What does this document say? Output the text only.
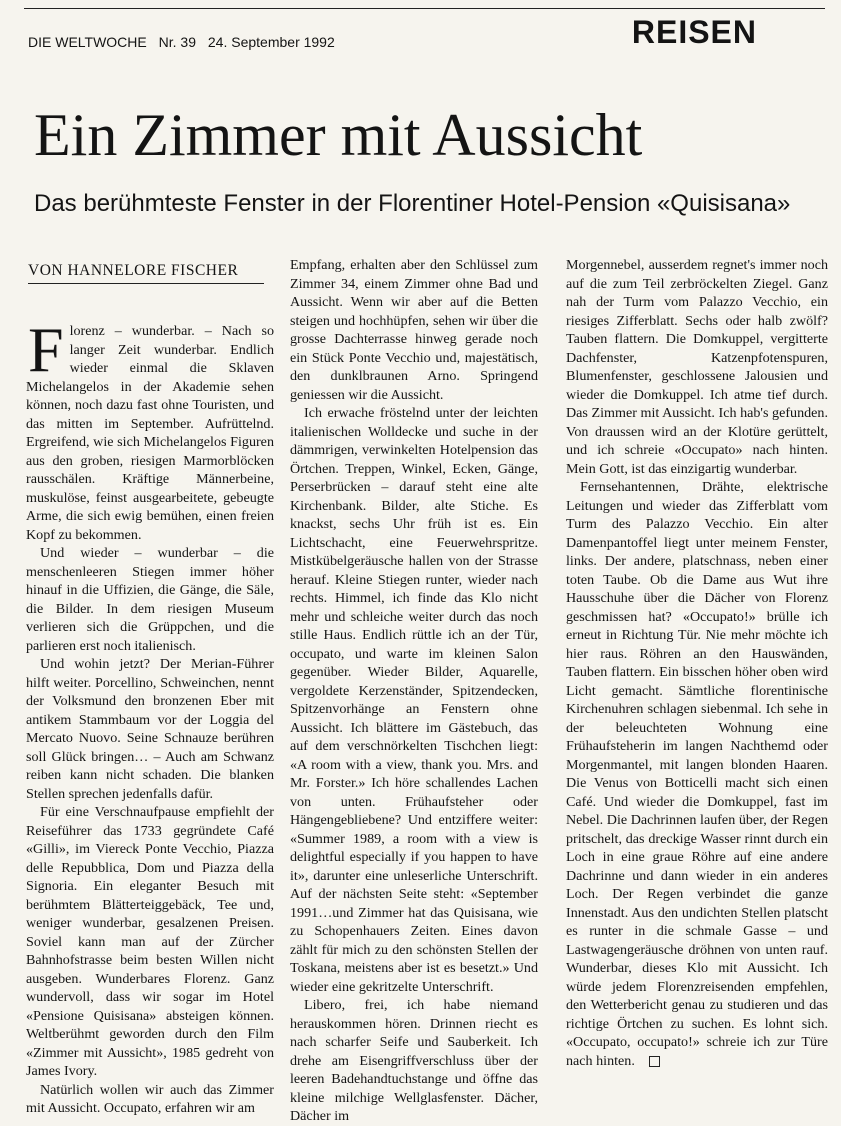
DIE WELTWOCHE Nr. 39 24. September 1992	REISEN
Ein Zimmer mit Aussicht
Das berühmteste Fenster in der Florentiner Hotel-Pension «Quisisana»
VON HANNELORE FISCHER

Florenz – wunderbar. – Nach so langer Zeit wunderbar. Endlich wieder einmal die Sklaven Michelangelos in der Akademie sehen können, noch dazu fast ohne Touristen, und das mitten im September. Aufrüttelnd. Ergreifend, wie sich Michelangelos Figuren aus den groben, riesigen Marmorblöcken rausschälen. Kräftige Männerbeine, muskulöse, feinst ausgearbeitete, gebeugte Arme, die sich ewig bemühen, einen freien Kopf zu bekommen.

Und wieder – wunderbar – die menschenleeren Stiegen immer höher hinauf in die Uffizien, die Gänge, die Säle, die Bilder. In dem riesigen Museum verlieren sich die Grüppchen, und die parlieren erst noch italienisch.

Und wohin jetzt? Der Merian-Führer hilft weiter. Porcellino, Schweinchen, nennt der Volksmund den bronzenen Eber mit antikem Stammbaum vor der Loggia del Mercato Nuovo. Seine Schnauze berühren soll Glück bringen… – Auch am Schwanz reiben kann nicht schaden. Die blanken Stellen sprechen jedenfalls dafür.

Für eine Verschnaufpause empfiehlt der Reiseführer das 1733 gegründete Café «Gilli», im Viereck Ponte Vecchio, Piazza delle Repubblica, Dom und Piazza della Signoria. Ein eleganter Besuch mit berühmtem Blätterteiggebäck, Tee und, weniger wunderbar, gesalzenen Preisen. Soviel kann man auf der Zürcher Bahnhofstrasse beim besten Willen nicht ausgeben. Wunderbares Florenz. Ganz wundervoll, dass wir sogar im Hotel «Pensione Quisisana» absteigen können. Weltberühmt geworden durch den Film «Zimmer mit Aussicht», 1985 gedreht von James Ivory.

Natürlich wollen wir auch das Zimmer mit Aussicht. Occupato, erfahren wir am

Empfang, erhalten aber den Schlüssel zum Zimmer 34, einem Zimmer ohne Bad und Aussicht. Wenn wir aber auf die Betten steigen und hochhüpfen, sehen wir über die grosse Dachterrasse hinweg gerade noch ein Stück Ponte Vecchio und, majestätisch, den dunklbraunen Arno. Springend geniessen wir die Aussicht.

Ich erwache fröstelnd unter der leichten italienischen Wolldecke und suche in der dämmrigen, verwinkelten Hotelpension das Örtchen. Treppen, Winkel, Ecken, Gänge, Perserbrücken – darauf steht eine alte Kirchenbank. Bilder, alte Stiche. Es knackst, sechs Uhr früh ist es. Ein Lichtschacht, eine Feuerwehrspritze. Mistkübelgeräusche hallen von der Strasse herauf. Kleine Stiegen runter, wieder nach rechts. Himmel, ich finde das Klo nicht mehr und schleiche weiter durch das noch stille Haus. Endlich rüttle ich an der Tür, occupato, und warte im kleinen Salon gegenüber. Wieder Bilder, Aquarelle, vergoldete Kerzenständer, Spitzendecken, Spitzenvorhänge an Fenstern ohne Aussicht. Ich blättere im Gästebuch, das auf dem verschnörkelten Tischchen liegt: «A room with a view, thank you. Mrs. and Mr. Forster.» Ich höre schallendes Lachen von unten. Frühaufsteher oder Hängengebliebene? Und entziffere weiter: «Summer 1989, a room with a view is delightful especially if you happen to have it», darunter eine unleserliche Unterschrift. Auf der nächsten Seite steht: «September 1991…und Zimmer hat das Quisisana, wie zu Schopenhauers Zeiten. Eines davon zählt für mich zu den schönsten Stellen der Toskana, meistens aber ist es besetzt.» Und wieder eine gekritzelte Unterschrift.

Libero, frei, ich habe niemand herauskommen hören. Drinnen riecht es nach scharfer Seife und Sauberkeit. Ich drehe am Eisengriffverschluss über der leeren Badehandtuchstange und öffne das kleine milchige Wellglasfenster. Dächer, Dächer im

Morgennebel, ausserdem regnet's immer noch auf die zum Teil zerbröckelten Ziegel. Ganz nah der Turm vom Palazzo Vecchio, ein riesiges Zifferblatt. Sechs oder halb zwölf? Tauben flattern. Die Domkuppel, vergitterte Dachfenster, Katzenpfotenspuren, Blumenfenster, geschlossene Jalousien und wieder die Domkuppel. Ich atme tief durch. Das Zimmer mit Aussicht. Ich hab's gefunden. Von draussen wird an der Klotüre gerüttelt, und ich schreie «Occupato» nach hinten. Mein Gott, ist das einzigartig wunderbar.

Fernsehantennen, Drähte, elektrische Leitungen und wieder das Zifferblatt vom Turm des Palazzo Vecchio. Ein alter Damenpantoffel liegt unter meinem Fenster, links. Der andere, platschnass, neben einer toten Taube. Ob die Dame aus Wut ihre Hausschuhe über die Dächer von Florenz geschmissen hat? «Occupato!» brülle ich erneut in Richtung Tür. Nie mehr möchte ich hier raus. Röhren an den Hauswänden, Tauben flattern. Ein bisschen höher oben wird Licht gemacht. Sämtliche florentinische Kirchenuhren schlagen siebenmal. Ich sehe in der beleuchteten Wohnung eine Frühaufsteherin im langen Nachthemd oder Morgenmantel, mit langen blonden Haaren. Die Venus von Botticelli macht sich einen Café. Und wieder die Domkuppel, fast im Nebel. Die Dachrinnen laufen über, der Regen pritschelt, das dreckige Wasser rinnt durch ein Loch in eine graue Röhre auf eine andere Dachrinne und dann wieder in ein anderes Loch. Der Regen verbindet die ganze Innenstadt. Aus den undichten Stellen platscht es runter in die schmale Gasse – und Lastwagengeräusche dröhnen von unten rauf. Wunderbar, dieses Klo mit Aussicht. Ich würde jedem Florenzreisenden empfehlen, den Wetterbericht genau zu studieren und das richtige Örtchen zu suchen. Es lohnt sich. «Occupato, occupato!» schreie ich zur Türe nach hinten.
